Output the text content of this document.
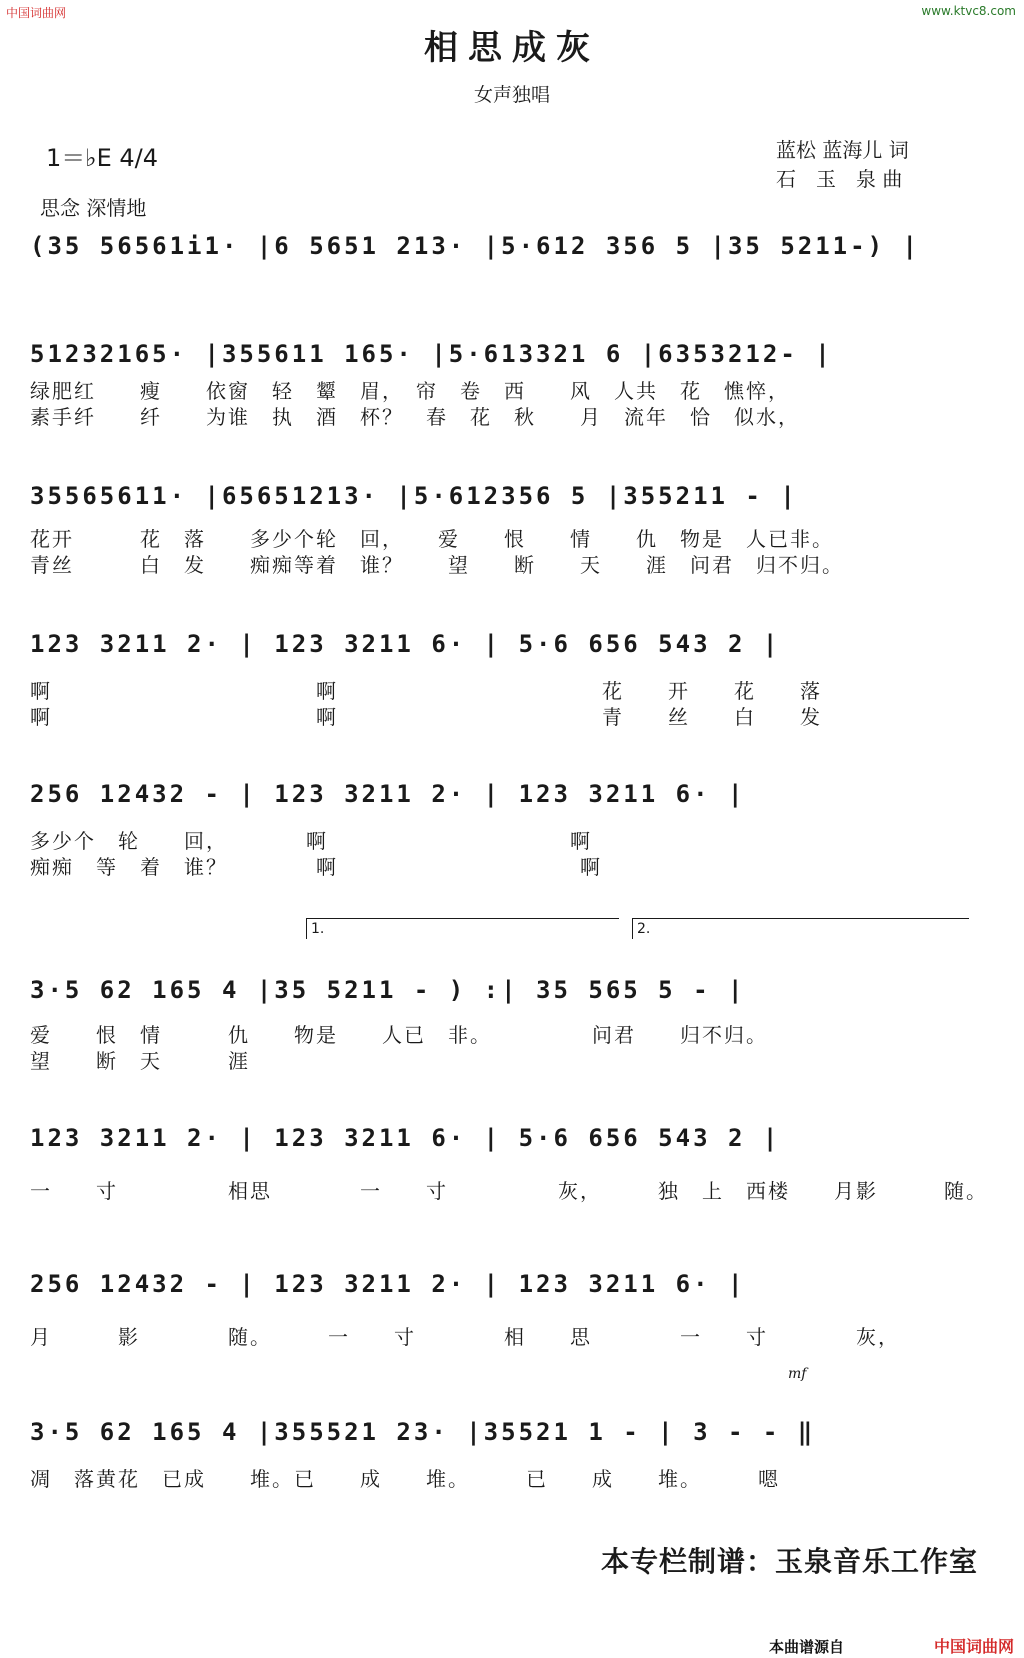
中国词曲网	www.ktvc8.com
相思成灰
女声独唱
1＝♭E 4/4	蓝松 蓝海儿 词
石　玉　泉 曲
思念 深情地
(35 56561i1· |6 5651 213· |5·612 356 5 |35 5211-) |
51232165· |355611 165· |5·613321 6 |6353212- |
绿肥红　　瘦　　依窗　轻　颦　眉，　帘　卷　西　　风　人共　花　憔悴，
素手纤　　纤　　为谁　执　酒　杯？　春　花　秋　　月　流年　恰　似水，
35565611· |65651213· |5·612356 5 |355211 - |
花开　　　花　落　　多少个轮　回，　　爱　　恨　　情　　仇　物是　人已非。
青丝　　　白　发　　痴痴等着　谁？　　望　　断　　天　　涯　问君　归不归。
123 3211 2· | 123 3211 6· | 5·6 656 543 2 |
啊　　　　　　　　　　　　啊　　　　　　　　　　　　花　　开　　花　　落
啊　　　　　　　　　　　　啊　　　　　　　　　　　　青　　丝　　白　　发
256 12432 - | 123 3211 2· | 123 3211 6· |
多少个　轮　　回，　　　　啊　　　　　　　　　　　啊
痴痴　等　着　谁？　　　　啊　　　　　　　　　　　啊
1.	2.
3·5 62 165 4 |35 5211 - ) :| 35 565 5 - |
爱　　恨　情　　　仇　　物是　　人已　非。　　　　　问君　　归不归。
望　　断　天　　　涯
123 3211 2· | 123 3211 6· | 5·6 656 543 2 |
一　　寸　　　　　相思　　　　一　　寸　　　　　灰，　　　独　上　西楼　　月影　　　随。
256 12432 - | 123 3211 2· | 123 3211 6· |
月　　　影　　　　随。　　　一　　寸　　　　相　　思　　　　一　　寸　　　　灰，
mf
3·5 62 165 4 |355521 23· |35521 1 - | 3 - - ‖
凋　落黄花　已成　　堆。已　　成　　堆。　　　已　　成　　堆。　　　嗯
本专栏制谱：玉泉音乐工作室
本曲谱源自	中国词曲网
